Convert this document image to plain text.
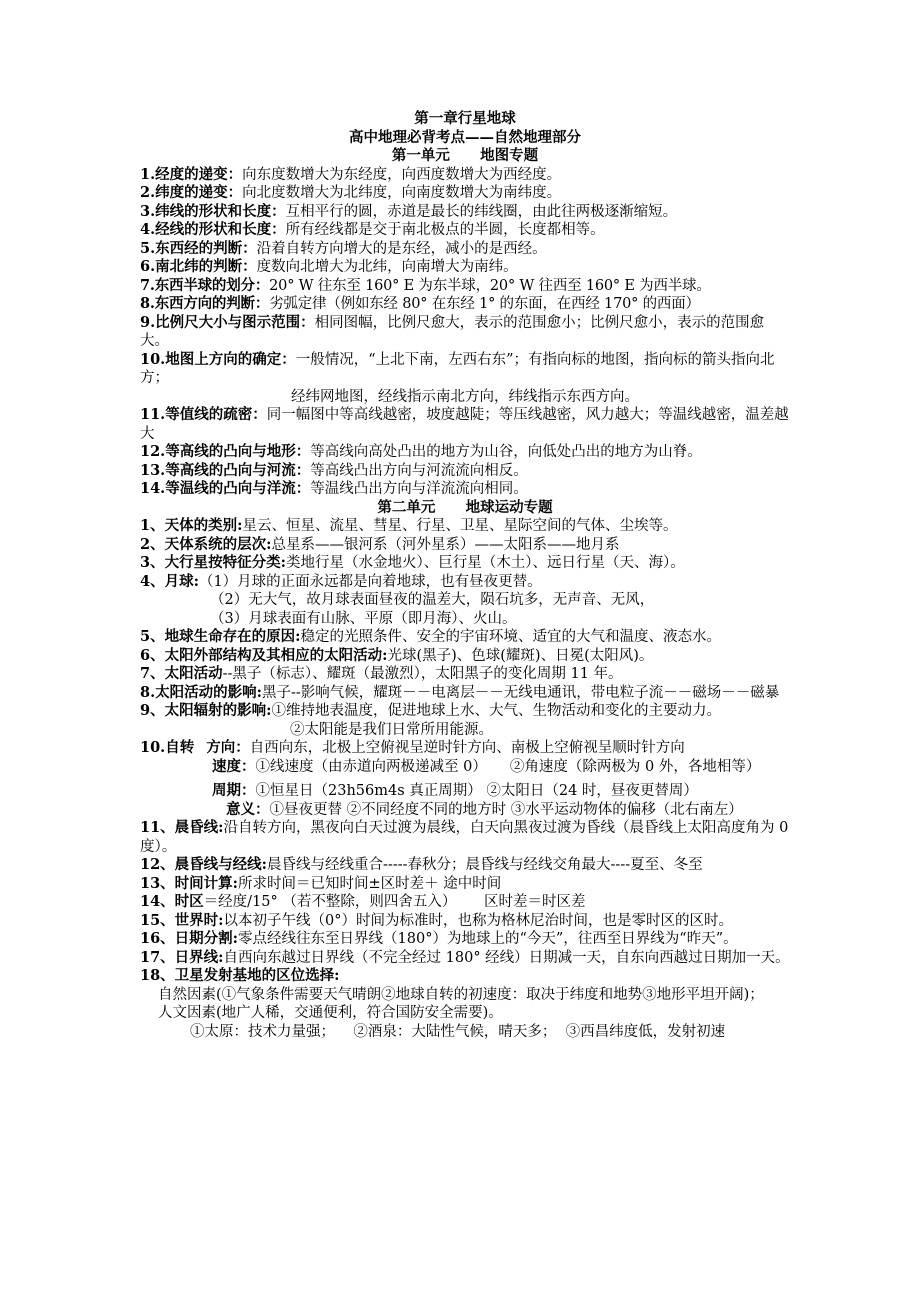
第一章行星地球

高中地理必背考点——自然地理部分

第一单元      地图专题

1.经度的递变：向东度数增大为东经度，向西度数增大为西经度。

2.纬度的递变：向北度数增大为北纬度，向南度数增大为南纬度。

3.纬线的形状和长度：互相平行的圆，赤道是最长的纬线圈，由此往两极逐渐缩短。

4.经线的形状和长度：所有经线都是交于南北极点的半圆，长度都相等。

5.东西经的判断：沿着自转方向增大的是东经，减小的是西经。

6.南北纬的判断：度数向北增大为北纬，向南增大为南纬。

7.东西半球的划分：20° W 往东至 160° E 为东半球，20° W 往西至 160° E 为西半球。

8.东西方向的判断：劣弧定律（例如东经 80° 在东经 1° 的东面，在西经 170° 的西面）

9.比例尺大小与图示范围：相同图幅，比例尺愈大，表示的范围愈小；比例尺愈小，表示的范围愈大。

10.地图上方向的确定：一般情况，“上北下南，左西右东”；有指向标的地图，指向标的箭头指向北方；

经纬网地图，经线指示南北方向，纬线指示东西方向。

11.等值线的疏密：同一幅图中等高线越密，坡度越陡；等压线越密，风力越大；等温线越密，温差越大

12.等高线的凸向与地形：等高线向高处凸出的地方为山谷，向低处凸出的地方为山脊。

13.等高线的凸向与河流：等高线凸出方向与河流流向相反。

14.等温线的凸向与洋流：等温线凸出方向与洋流流向相同。

第二单元      地球运动专题

1、天体的类别:星云、恒星、流星、彗星、行星、卫星、星际空间的气体、尘埃等。

2、天体系统的层次:总星系——银河系（河外星系）——太阳系——地月系

3、大行星按特征分类:类地行星（水金地火）、巨行星（木土）、远日行星（天、海）。

4、月球:（1）月球的正面永远都是向着地球，也有昼夜更替。

（2）无大气，故月球表面昼夜的温差大，陨石坑多，无声音、无风，

（3）月球表面有山脉、平原（即月海）、火山。

5、地球生命存在的原因:稳定的光照条件、安全的宇宙环境、适宜的大气和温度、液态水。

6、太阳外部结构及其相应的太阳活动:光球(黑子)、色球(耀斑)、日冕(太阳风)。

7、太阳活动--黑子（标志）、耀斑（最激烈），太阳黑子的变化周期 11 年。

8.太阳活动的影响:黑子--影响气候，耀斑－－电离层－－无线电通讯，带电粒子流－－磁场－－磁暴

9、太阳辐射的影响:①维持地表温度，促进地球上水、大气、生物活动和变化的主要动力。

②太阳能是我们日常所用能源。

10.自转 方向：自西向东，北极上空俯视呈逆时针方向、南极上空俯视呈顺时针方向

速度：①线速度（由赤道向两极递减至 0）     ②角速度（除两极为 0 外，各地相等）

周期：①恒星日（23h56m4s 真正周期） ②太阳日（24 时，昼夜更替周）

意义：①昼夜更替 ②不同经度不同的地方时 ③水平运动物体的偏移（北右南左）

11、晨昏线:沿自转方向，黑夜向白天过渡为晨线，白天向黑夜过渡为昏线（晨昏线上太阳高度角为 0 度）。

12、晨昏线与经线:晨昏线与经线重合-----春秋分；晨昏线与经线交角最大----夏至、冬至

13、时间计算:所求时间＝已知时间±区时差＋ 途中时间

14、时区＝经度/15° （若不整除，则四舍五入）      区时差＝时区差

15、世界时:以本初子午线（0°）时间为标准时，也称为格林尼治时间，也是零时区的区时。

16、日期分割:零点经线往东至日界线（180°）为地球上的“今天”，往西至日界线为“昨天”。

17、日界线:自西向东越过日界线（不完全经过 180° 经线）日期减一天，自东向西越过日期加一天。

18、卫星发射基地的区位选择:

自然因素(①气象条件需要天气晴朗②地球自转的初速度：取决于纬度和地势③地形平坦开阔)；

人文因素(地广人稀，交通便利，符合国防安全需要)。

①太原：技术力量强；    ②酒泉：大陆性气候，晴天多；  ③西昌纬度低，发射初速
